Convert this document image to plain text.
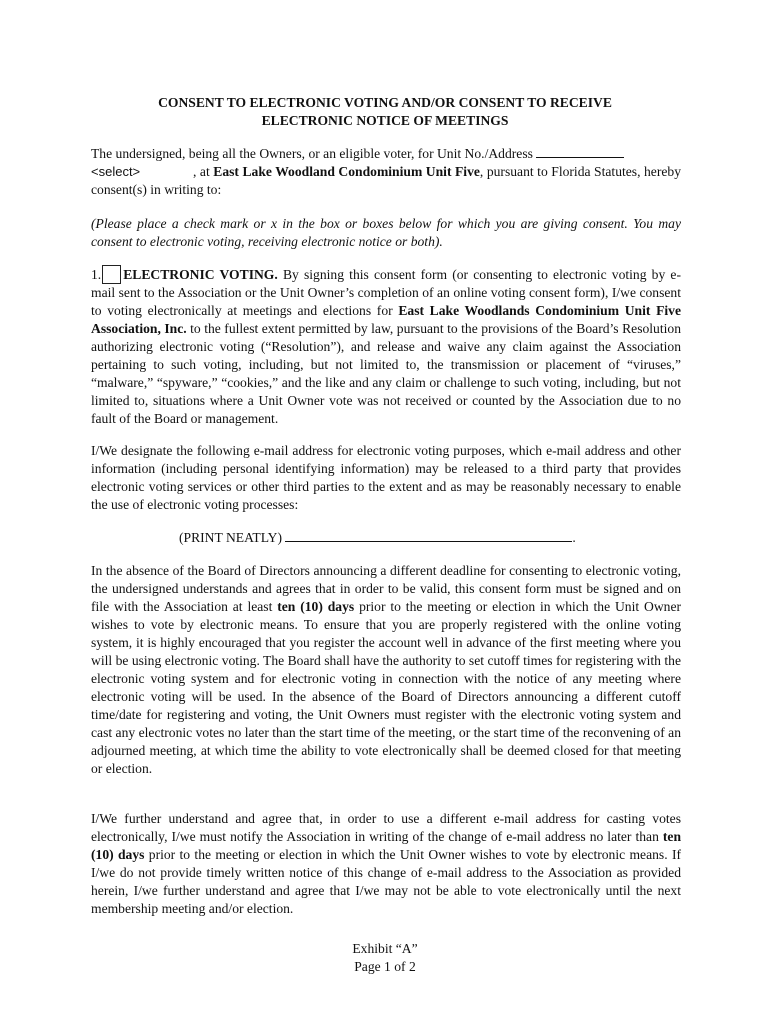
CONSENT TO ELECTRONIC VOTING AND/OR CONSENT TO RECEIVE
ELECTRONIC NOTICE OF MEETINGS
The undersigned, being all the Owners, or an eligible voter, for Unit No./Address
<select>	, at East Lake Woodland Condominium Unit Five, pursuant to Florida Statutes, hereby consent(s) in writing to:
(Please place a check mark or x in the box or boxes below for which you are giving consent. You may consent to electronic voting, receiving electronic notice or both).
1. ELECTRONIC VOTING. By signing this consent form (or consenting to electronic voting by e-mail sent to the Association or the Unit Owner’s completion of an online voting consent form), I/we consent to voting electronically at meetings and elections for East Lake Woodlands Condominium Unit Five Association, Inc. to the fullest extent permitted by law, pursuant to the provisions of the Board’s Resolution authorizing electronic voting (“Resolution”), and release and waive any claim against the Association pertaining to such voting, including, but not limited to, the transmission or placement of “viruses,” “malware,” “spyware,” “cookies,” and the like and any claim or challenge to such voting, including, but not limited to, situations where a Unit Owner vote was not received or counted by the Association due to no fault of the Board or management.
I/We designate the following e-mail address for electronic voting purposes, which e-mail address and other information (including personal identifying information) may be released to a third party that provides electronic voting services or other third parties to the extent and as may be reasonably necessary to enable the use of electronic voting processes:
(PRINT NEATLY)	.
In the absence of the Board of Directors announcing a different deadline for consenting to electronic voting, the undersigned understands and agrees that in order to be valid, this consent form must be signed and on file with the Association at least ten (10) days prior to the meeting or election in which the Unit Owner wishes to vote by electronic means. To ensure that you are properly registered with the online voting system, it is highly encouraged that you register the account well in advance of the first meeting where you will be using electronic voting. The Board shall have the authority to set cutoff times for registering with the electronic voting system and for electronic voting in connection with the notice of any meeting where electronic voting will be used. In the absence of the Board of Directors announcing a different cutoff time/date for registering and voting, the Unit Owners must register with the electronic voting system and cast any electronic votes no later than the start time of the meeting, or the start time of the reconvening of an adjourned meeting, at which time the ability to vote electronically shall be deemed closed for that meeting or election.
I/We further understand and agree that, in order to use a different e-mail address for casting votes electronically, I/we must notify the Association in writing of the change of e-mail address no later than ten (10) days prior to the meeting or election in which the Unit Owner wishes to vote by electronic means. If I/we do not provide timely written notice of this change of e-mail address to the Association as provided herein, I/we further understand and agree that I/we may not be able to vote electronically until the next membership meeting and/or election.
Exhibit “A”
Page 1 of 2
